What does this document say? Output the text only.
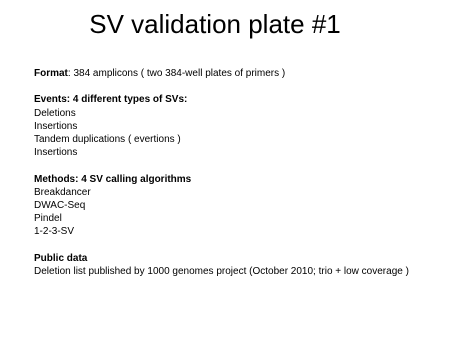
SV validation plate #1
Format: 384 amplicons ( two 384-well plates of primers )
Events: 4 different types of SVs:
Deletions
Insertions
Tandem duplications ( evertions )
Insertions
Methods: 4 SV calling algorithms
Breakdancer
DWAC-Seq
Pindel
1-2-3-SV
Public data
Deletion list published by 1000 genomes project (October 2010; trio + low coverage )
